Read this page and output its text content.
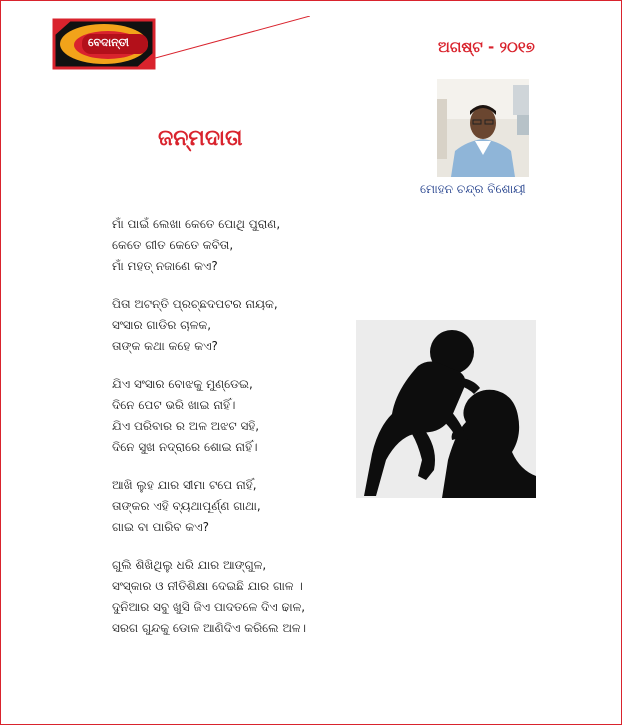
ବେଦାନ୍ତୀ	ଅଗଷ୍ଟ - ୨୦୧୭
ଜନ୍ମଦାତା
ମୋହନ ଚନ୍ଦ୍ର ବିଶୋୟୀ
ମାଁ ପାଇଁ ଲେଖା କେତେ ପୋଥି ପୁରାଣ,
କେତେ ଗୀତ କେତେ କବିତା,
ମାଁ ମହତ୍ ନଜାଣେ କଏ?
ପିତା ଅଟନ୍ତି ପ୍ରଚ୍ଛଦପଟର ନାୟକ,
ସଂସାର ଗାଡିର ଚାଳକ,
ତାଙ୍କ କଥା କହେ କଏ?
ଯିଏ ସଂସାର ବୋଝକୁ ମୁଣ୍ଡେଇ,
ଦିନେ ପେଟ ଭରି ଖାଇ ନାହିଁ।
ଯିଏ ପରିବାର ର ଅଳ ଅଝଟ ସହି,
ଦିନେ ସୁଖ ନଦ୍ରାରେ ଶୋଇ ନାହିଁ।
ଆଖି ଲୁହ ଯାର ସୀମା ଟପେ ନାହିଁ,
ତାଙ୍କର ଏହି ବ୍ୟଥାପୂର୍ଣ୍ଣ ଗାଥା,
ଗାଇ ବା ପାରିବ କଏ?
ଗୁଲି ଶିଖିଥିଲୁ ଧରି ଯାର ଆଙ୍ଗୁଳ,
ସଂସ୍କାର ଓ ନୀତିଶିକ୍ଷା ଦେଇଛି ଯାର ଗାଳ ।
ଦୁନିଆର ସବୁ ଖୁସି ଜିଏ ପାଦତଳେ ଦିଏ ଢାଳ,
ସରଗ ଗୁନ୍ଦକୁ ଡୋଳ ଆଣିଦିଏ କରିଲେ ଅଳ।
